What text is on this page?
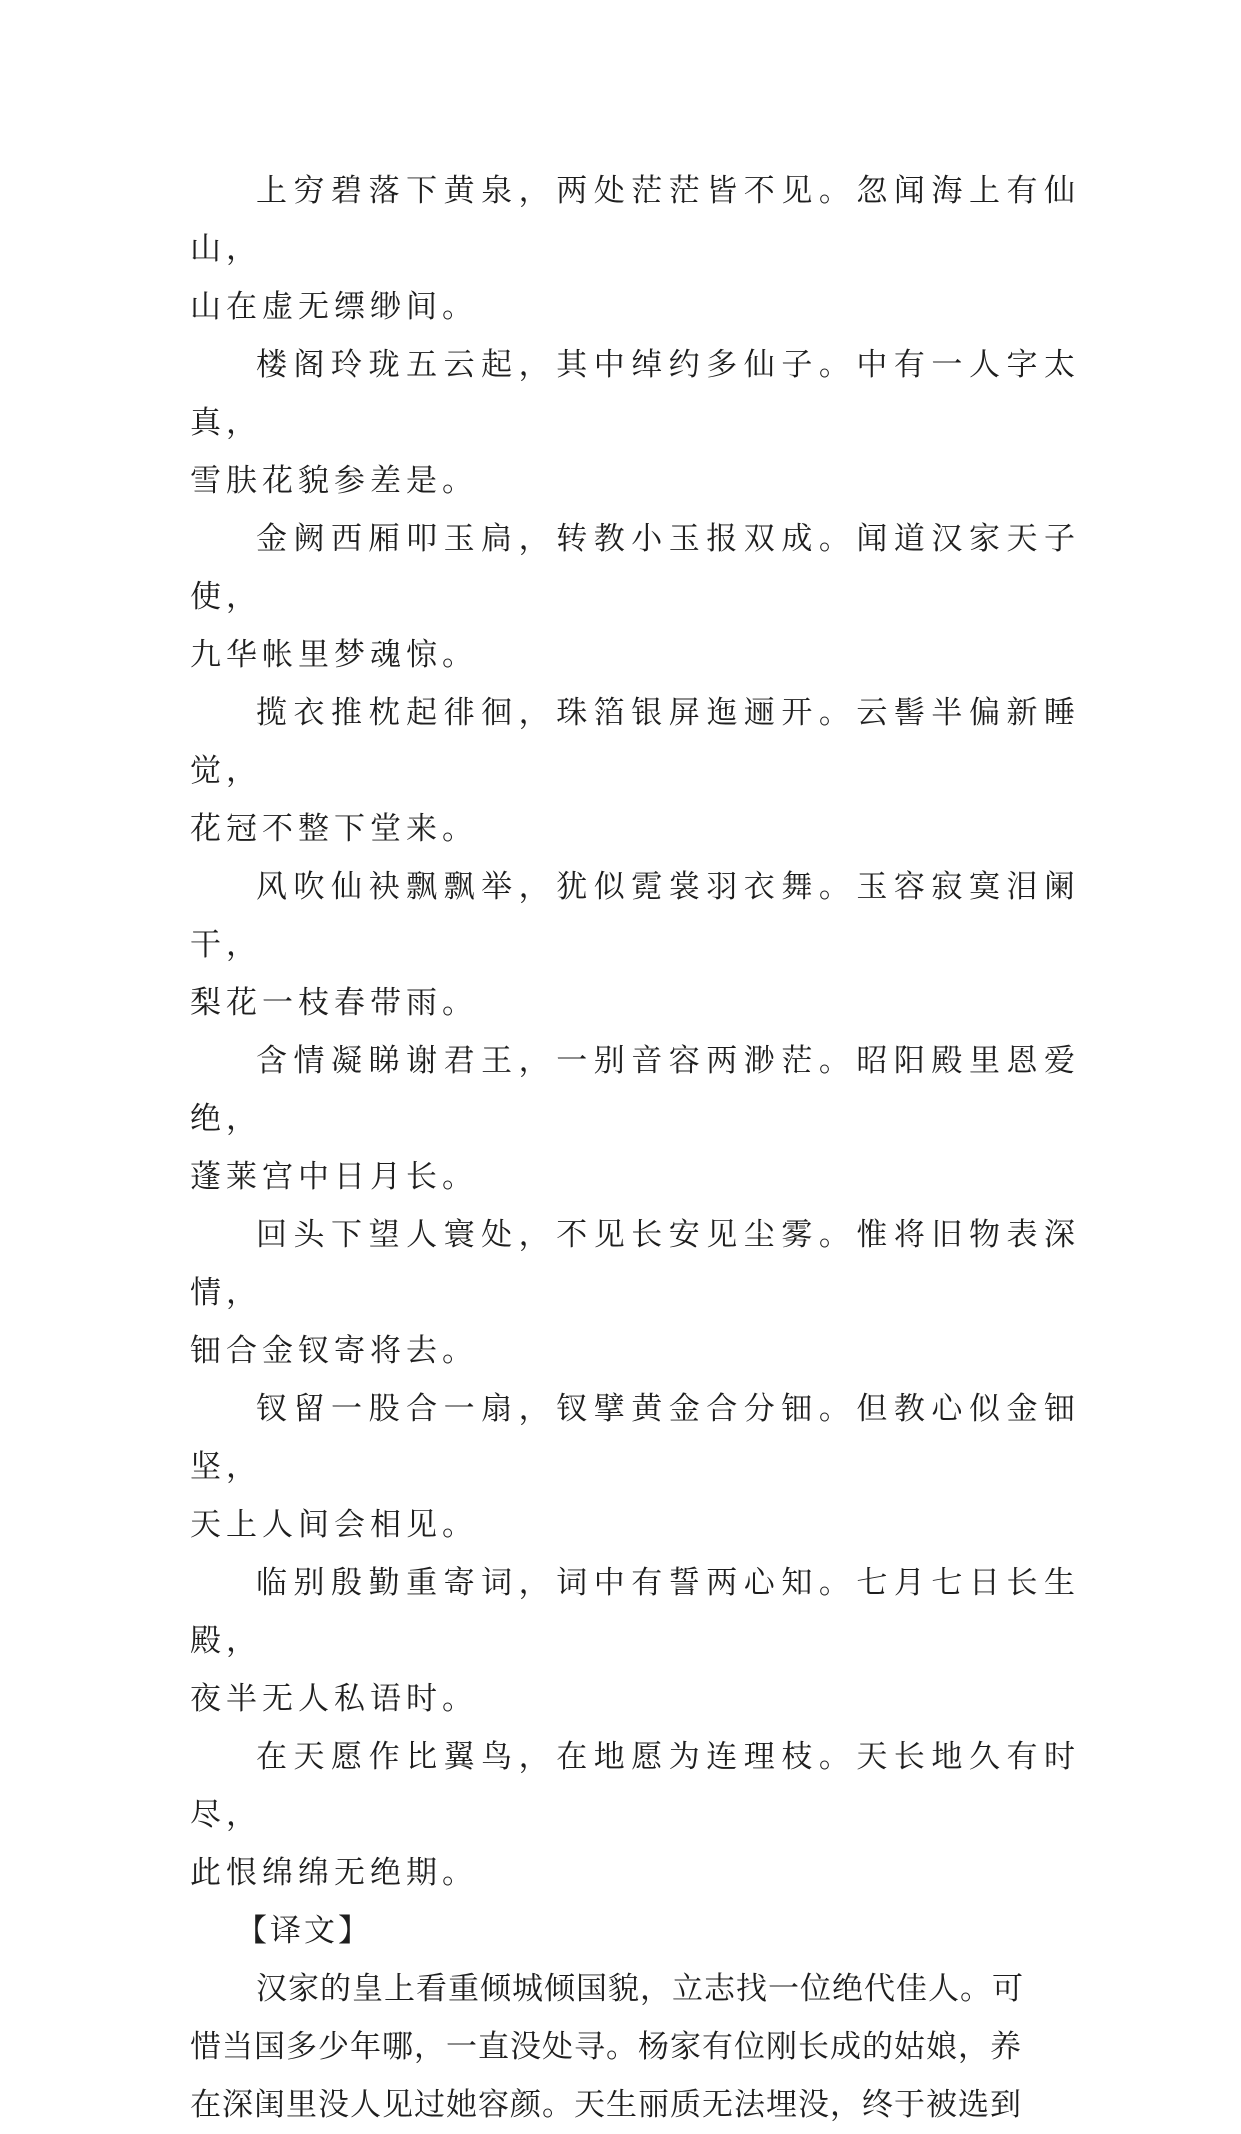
上穷碧落下黄泉，两处茫茫皆不见。忽闻海上有仙山，
山在虚无缥缈间。

楼阁玲珑五云起，其中绰约多仙子。中有一人字太真，
雪肤花貌参差是。

金阙西厢叩玉扃，转教小玉报双成。闻道汉家天子使，
九华帐里梦魂惊。

揽衣推枕起徘徊，珠箔银屏迤逦开。云髻半偏新睡觉，
花冠不整下堂来。

风吹仙袂飘飘举，犹似霓裳羽衣舞。玉容寂寞泪阑干，
梨花一枝春带雨。

含情凝睇谢君王，一别音容两渺茫。昭阳殿里恩爱绝，
蓬莱宫中日月长。

回头下望人寰处，不见长安见尘雾。惟将旧物表深情，
钿合金钗寄将去。

钗留一股合一扇，钗擘黄金合分钿。但教心似金钿坚，
天上人间会相见。

临别殷勤重寄词，词中有誓两心知。七月七日长生殿，
夜半无人私语时。

在天愿作比翼鸟，在地愿为连理枝。天长地久有时尽，
此恨绵绵无绝期。

【译文】

汉家的皇上看重倾城倾国貌，立志找一位绝代佳人。可
惜当国多少年哪，一直没处寻。杨家有位刚长成的姑娘，养
在深闺里没人见过她容颜。天生丽质无法埋没，终于被选到
